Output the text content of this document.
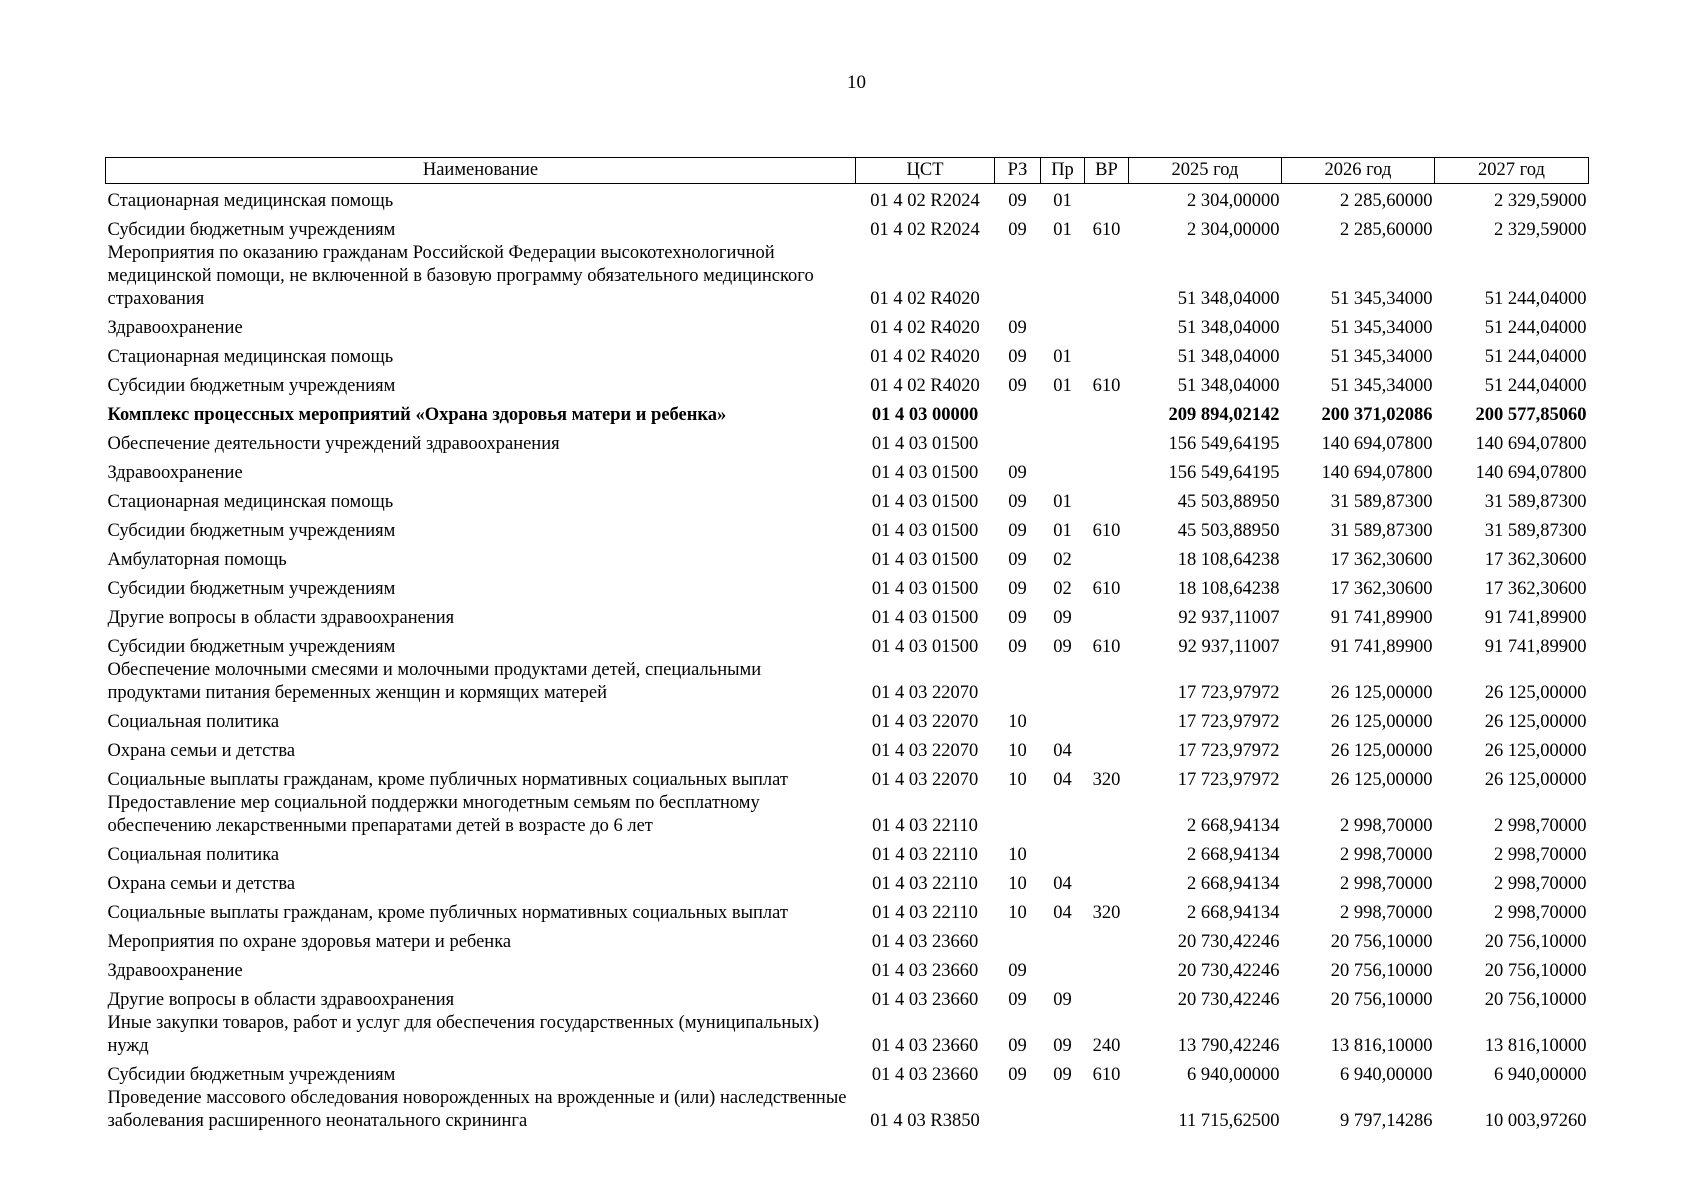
10
Наименование	ЦСТ	РЗ	Пр	ВР	2025 год	2026 год	2027 год
Стационарная медицинская помощь	01 4 02 R2024	09	01		2 304,00000	2 285,60000	2 329,59000
Субсидии бюджетным учреждениям	01 4 02 R2024	09	01	610	2 304,00000	2 285,60000	2 329,59000
Мероприятия по оказанию гражданам Российской Федерации высокотехнологичной медицинской помощи, не включенной в базовую программу обязательного медицинского страхования	01 4 02 R4020				51 348,04000	51 345,34000	51 244,04000
Здравоохранение	01 4 02 R4020	09			51 348,04000	51 345,34000	51 244,04000
Стационарная медицинская помощь	01 4 02 R4020	09	01		51 348,04000	51 345,34000	51 244,04000
Субсидии бюджетным учреждениям	01 4 02 R4020	09	01	610	51 348,04000	51 345,34000	51 244,04000
Комплекс процессных мероприятий «Охрана здоровья матери и ребенка»	01 4 03 00000				209 894,02142	200 371,02086	200 577,85060
Обеспечение деятельности учреждений здравоохранения	01 4 03 01500				156 549,64195	140 694,07800	140 694,07800
Здравоохранение	01 4 03 01500	09			156 549,64195	140 694,07800	140 694,07800
Стационарная медицинская помощь	01 4 03 01500	09	01		45 503,88950	31 589,87300	31 589,87300
Субсидии бюджетным учреждениям	01 4 03 01500	09	01	610	45 503,88950	31 589,87300	31 589,87300
Амбулаторная помощь	01 4 03 01500	09	02		18 108,64238	17 362,30600	17 362,30600
Субсидии бюджетным учреждениям	01 4 03 01500	09	02	610	18 108,64238	17 362,30600	17 362,30600
Другие вопросы в области здравоохранения	01 4 03 01500	09	09		92 937,11007	91 741,89900	91 741,89900
Субсидии бюджетным учреждениям	01 4 03 01500	09	09	610	92 937,11007	91 741,89900	91 741,89900
Обеспечение молочными смесями и молочными продуктами детей, специальными продуктами питания беременных женщин и кормящих матерей	01 4 03 22070				17 723,97972	26 125,00000	26 125,00000
Социальная политика	01 4 03 22070	10			17 723,97972	26 125,00000	26 125,00000
Охрана семьи и детства	01 4 03 22070	10	04		17 723,97972	26 125,00000	26 125,00000
Социальные выплаты гражданам, кроме публичных нормативных социальных выплат	01 4 03 22070	10	04	320	17 723,97972	26 125,00000	26 125,00000
Предоставление мер социальной поддержки многодетным семьям по бесплатному обеспечению лекарственными препаратами детей в возрасте до 6 лет	01 4 03 22110				2 668,94134	2 998,70000	2 998,70000
Социальная политика	01 4 03 22110	10			2 668,94134	2 998,70000	2 998,70000
Охрана семьи и детства	01 4 03 22110	10	04		2 668,94134	2 998,70000	2 998,70000
Социальные выплаты гражданам, кроме публичных нормативных социальных выплат	01 4 03 22110	10	04	320	2 668,94134	2 998,70000	2 998,70000
Мероприятия по охране здоровья матери и ребенка	01 4 03 23660				20 730,42246	20 756,10000	20 756,10000
Здравоохранение	01 4 03 23660	09			20 730,42246	20 756,10000	20 756,10000
Другие вопросы в области здравоохранения	01 4 03 23660	09	09		20 730,42246	20 756,10000	20 756,10000
Иные закупки товаров, работ и услуг для обеспечения государственных (муниципальных) нужд	01 4 03 23660	09	09	240	13 790,42246	13 816,10000	13 816,10000
Субсидии бюджетным учреждениям	01 4 03 23660	09	09	610	6 940,00000	6 940,00000	6 940,00000
Проведение массового обследования новорожденных на врожденные и (или) наследственные заболевания расширенного неонатального скрининга	01 4 03 R3850				11 715,62500	9 797,14286	10 003,97260
